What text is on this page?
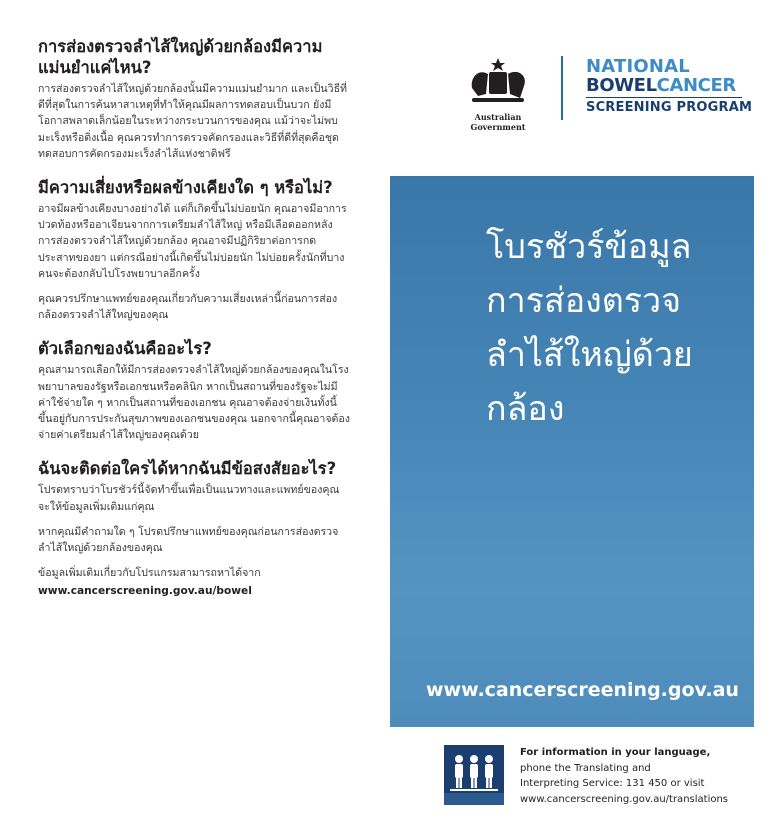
การส่องตรวจลำไส้ใหญ่ด้วยกล้องมีความแม่นยำแค่ไหน?

การส่องตรวจลำไส้ใหญ่ด้วยกล้องนั้นมีความแม่นยำมาก และเป็นวิธีที่ดีที่สุดในการค้นหาสาเหตุที่ทำให้คุณมีผลการทดสอบเป็นบวก ยังมีโอกาสพลาดเล็กน้อยในระหว่างกระบวนการของคุณ แม้ว่าจะไม่พบมะเร็งหรือติ่งเนื้อ คุณควรทำการตรวจคัดกรองและวิธีที่ดีที่สุดคือชุดทดสอบการคัดกรองมะเร็งลำไส้แห่งชาติฟรี

มีความเสี่ยงหรือผลข้างเคียงใด ๆ หรือไม่?

อาจมีผลข้างเคียงบางอย่างได้ แต่ก็เกิดขึ้นไม่บ่อยนัก คุณอาจมีอาการปวดท้องหรืออาเจียนจากการเตรียมลำไส้ใหญ่ หรือมีเลือดออกหลังการส่องตรวจลำไส้ใหญ่ด้วยกล้อง คุณอาจมีปฏิกิริยาต่อการกดประสาทของยา แต่กรณีอย่างนี้เกิดขึ้นไม่บ่อยนัก ไม่บ่อยครั้งนักที่บางคนจะต้องกลับไปโรงพยาบาลอีกครั้ง

คุณควรปรึกษาแพทย์ของคุณเกี่ยวกับความเสี่ยงเหล่านี้ก่อนการส่องกล้องตรวจลำไส้ใหญ่ของคุณ

ตัวเลือกของฉันคืออะไร?

คุณสามารถเลือกให้มีการส่องตรวจลำไส้ใหญ่ด้วยกล้องของคุณในโรงพยาบาลของรัฐหรือเอกชนหรือคลินิก หากเป็นสถานที่ของรัฐจะไม่มีค่าใช้จ่ายใด ๆ หากเป็นสถานที่ของเอกชน คุณอาจต้องจ่ายเงินทั้งนี้ขึ้นอยู่กับการประกันสุขภาพของเอกชนของคุณ นอกจากนี้คุณอาจต้องจ่ายค่าเตรียมลำไส้ใหญ่ของคุณด้วย

ฉันจะติดต่อใครได้หากฉันมีข้อสงสัยอะไร?

โปรดทราบว่าโบรชัวร์นี้จัดทำขึ้นเพื่อเป็นแนวทางและแพทย์ของคุณจะให้ข้อมูลเพิ่มเติมแก่คุณ

หากคุณมีคำถามใด ๆ โปรดปรึกษาแพทย์ของคุณก่อนการส่องตรวจลำไส้ใหญ่ด้วยกล้องของคุณ

ข้อมูลเพิ่มเติมเกี่ยวกับโปรแกรมสามารถหาได้จาก

www.cancerscreening.gov.au/bowel

Australian Government
NATIONAL
BOWELCANCER
SCREENING PROGRAM
โบรชัวร์ข้อมูลการส่องตรวจลำไส้ใหญ่ด้วยกล้อง
www.cancerscreening.gov.au
For information in your language,
phone the Translating and
Interpreting Service: 131 450 or visit
www.cancerscreening.gov.au/translations
